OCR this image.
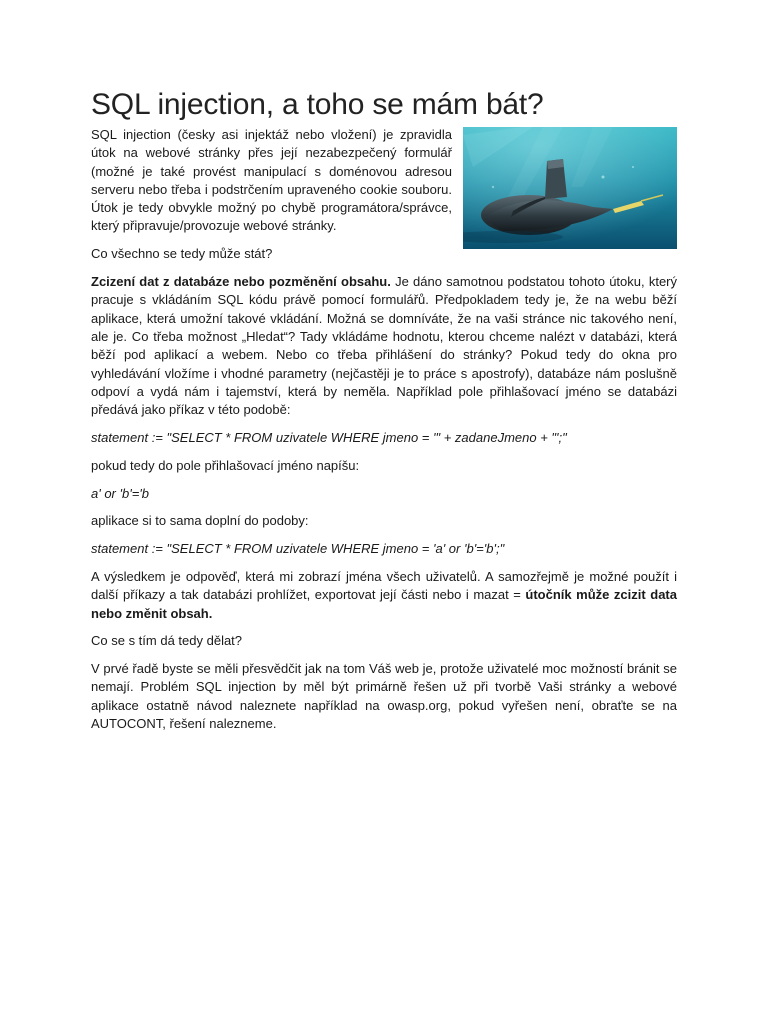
SQL injection, a toho se mám bát?

SQL injection (česky asi injektáž nebo vložení) je zpravidla útok na webové stránky přes její nezabezpečený formulář (možné je také provést manipulací s doménovou adresou serveru nebo třeba i podstrčením upraveného cookie souboru. Útok je tedy obvykle možný po chybě programátora/správce, který připravuje/provozuje webové stránky.

Co všechno se tedy může stát?

Zcizení dat z databáze nebo pozměnění obsahu. Je dáno samotnou podstatou tohoto útoku, který pracuje s vkládáním SQL kódu právě pomocí formulářů. Předpokladem tedy je, že na webu běží aplikace, která umožní takové vkládání. Možná se domníváte, že na vaši stránce nic takového není, ale je. Co třeba možnost „Hledat“? Tady vkládáme hodnotu, kterou chceme nalézt v databázi, která běží pod aplikací a webem. Nebo co třeba přihlášení do stránky? Pokud tedy do okna pro vyhledávání vložíme i vhodné parametry (nejčastěji je to práce s apostrofy), databáze nám poslušně odpoví a vydá nám i tajemství, která by neměla. Například pole přihlašovací jméno se databázi předává jako příkaz v této podobě:

statement := "SELECT * FROM uzivatele WHERE jmeno = '" + zadaneJmeno + "';"

pokud tedy do pole přihlašovací jméno napíšu:

a' or 'b'='b

aplikace si to sama doplní do podoby:

statement := "SELECT * FROM uzivatele WHERE jmeno = 'a' or 'b'='b';"

A výsledkem je odpověď, která mi zobrazí jména všech uživatelů. A samozřejmě je možné použít i další příkazy a tak databázi prohlížet, exportovat její části nebo i mazat = útočník může zcizit data nebo změnit obsah.

Co se s tím dá tedy dělat?

V prvé řadě byste se měli přesvědčit jak na tom Váš web je, protože uživatelé moc možností bránit se nemají. Problém SQL injection by měl být primárně řešen už při tvorbě Vaši stránky a webové aplikace ostatně návod naleznete například na owasp.org, pokud vyřešen není, obraťte se na AUTOCONT, řešení nalezneme.
